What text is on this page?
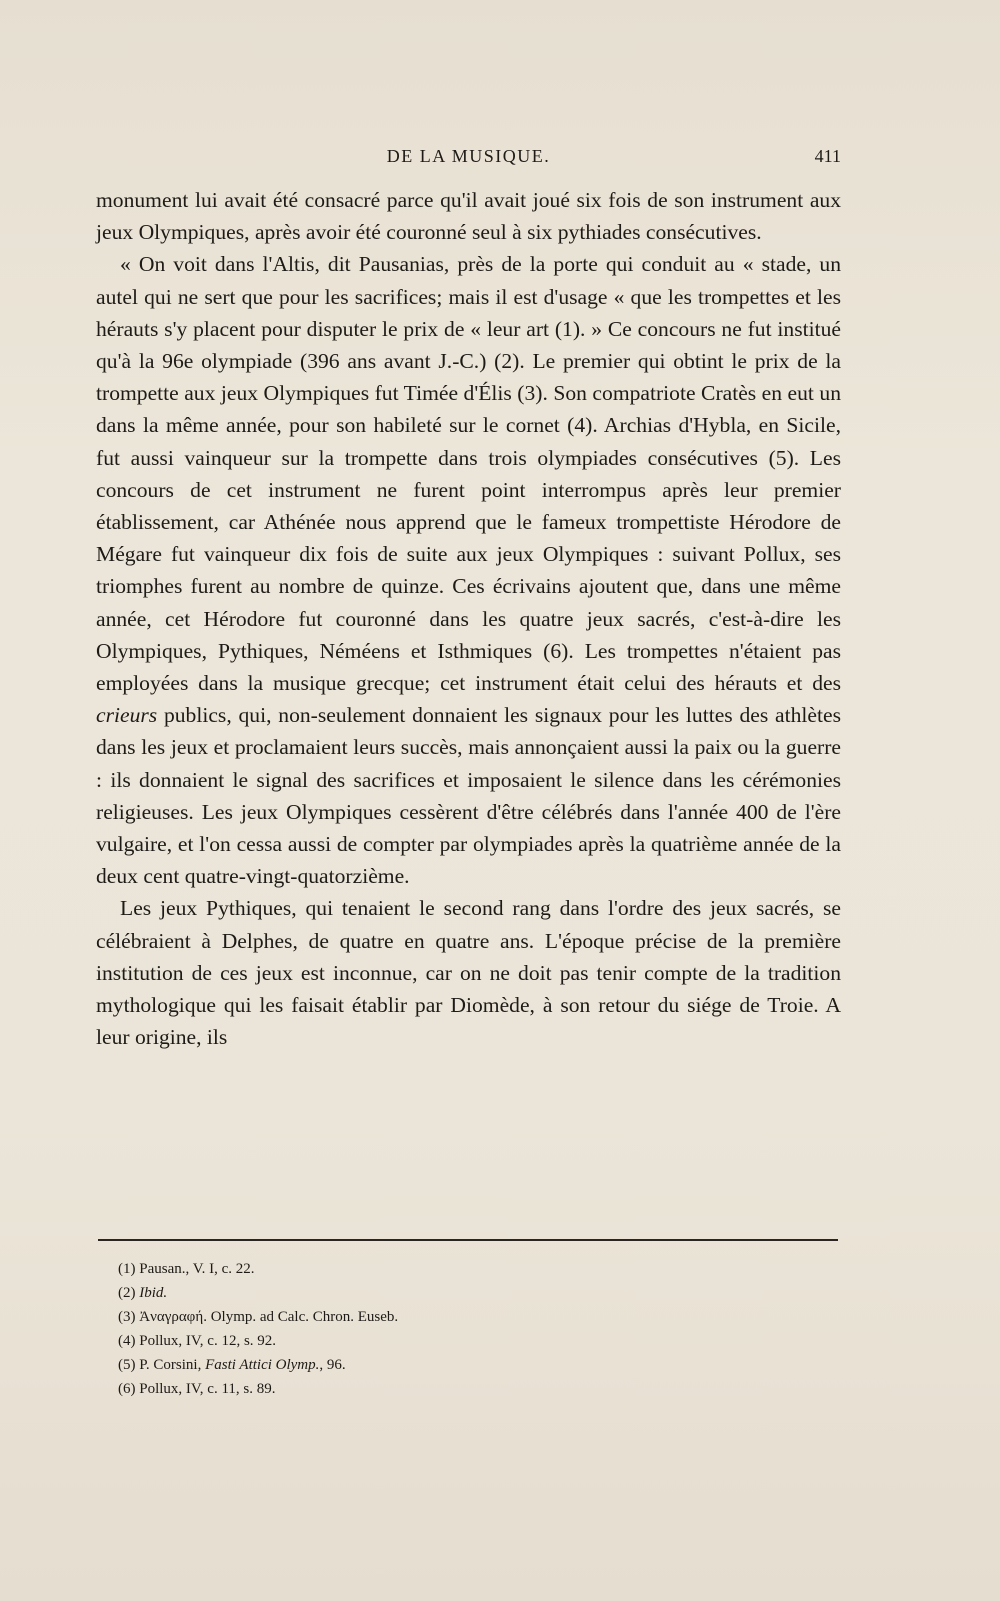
DE LA MUSIQUE.	411

monument lui avait été consacré parce qu'il avait joué six fois de son instrument aux jeux Olympiques, après avoir été couronné seul à six pythiades consécutives.

« On voit dans l'Altis, dit Pausanias, près de la porte qui conduit au « stade, un autel qui ne sert que pour les sacrifices; mais il est d'usage « que les trompettes et les hérauts s'y placent pour disputer le prix de « leur art (1). » Ce concours ne fut institué qu'à la 96e olympiade (396 ans avant J.-C.) (2). Le premier qui obtint le prix de la trompette aux jeux Olympiques fut Timée d'Élis (3). Son compatriote Cratès en eut un dans la même année, pour son habileté sur le cornet (4). Archias d'Hybla, en Sicile, fut aussi vainqueur sur la trompette dans trois olympiades consécutives (5). Les concours de cet instrument ne furent point interrompus après leur premier établissement, car Athénée nous apprend que le fameux trompettiste Hérodore de Mégare fut vainqueur dix fois de suite aux jeux Olympiques : suivant Pollux, ses triomphes furent au nombre de quinze. Ces écrivains ajoutent que, dans une même année, cet Hérodore fut couronné dans les quatre jeux sacrés, c'est-à-dire les Olympiques, Pythiques, Néméens et Isthmiques (6). Les trompettes n'étaient pas employées dans la musique grecque; cet instrument était celui des hérauts et des crieurs publics, qui, non-seulement donnaient les signaux pour les luttes des athlètes dans les jeux et proclamaient leurs succès, mais annonçaient aussi la paix ou la guerre : ils donnaient le signal des sacrifices et imposaient le silence dans les cérémonies religieuses. Les jeux Olympiques cessèrent d'être célébrés dans l'année 400 de l'ère vulgaire, et l'on cessa aussi de compter par olympiades après la quatrième année de la deux cent quatre-vingt-quatorzième.

Les jeux Pythiques, qui tenaient le second rang dans l'ordre des jeux sacrés, se célébraient à Delphes, de quatre en quatre ans. L'époque précise de la première institution de ces jeux est inconnue, car on ne doit pas tenir compte de la tradition mythologique qui les faisait établir par Diomède, à son retour du siége de Troie. A leur origine, ils

(1) Pausan., V. I, c. 22.
(2) Ibid.
(3) Ἀναγραφή. Olymp. ad Calc. Chron. Euseb.
(4) Pollux, IV, c. 12, s. 92.
(5) P. Corsini, Fasti Attici Olymp., 96.
(6) Pollux, IV, c. 11, s. 89.
